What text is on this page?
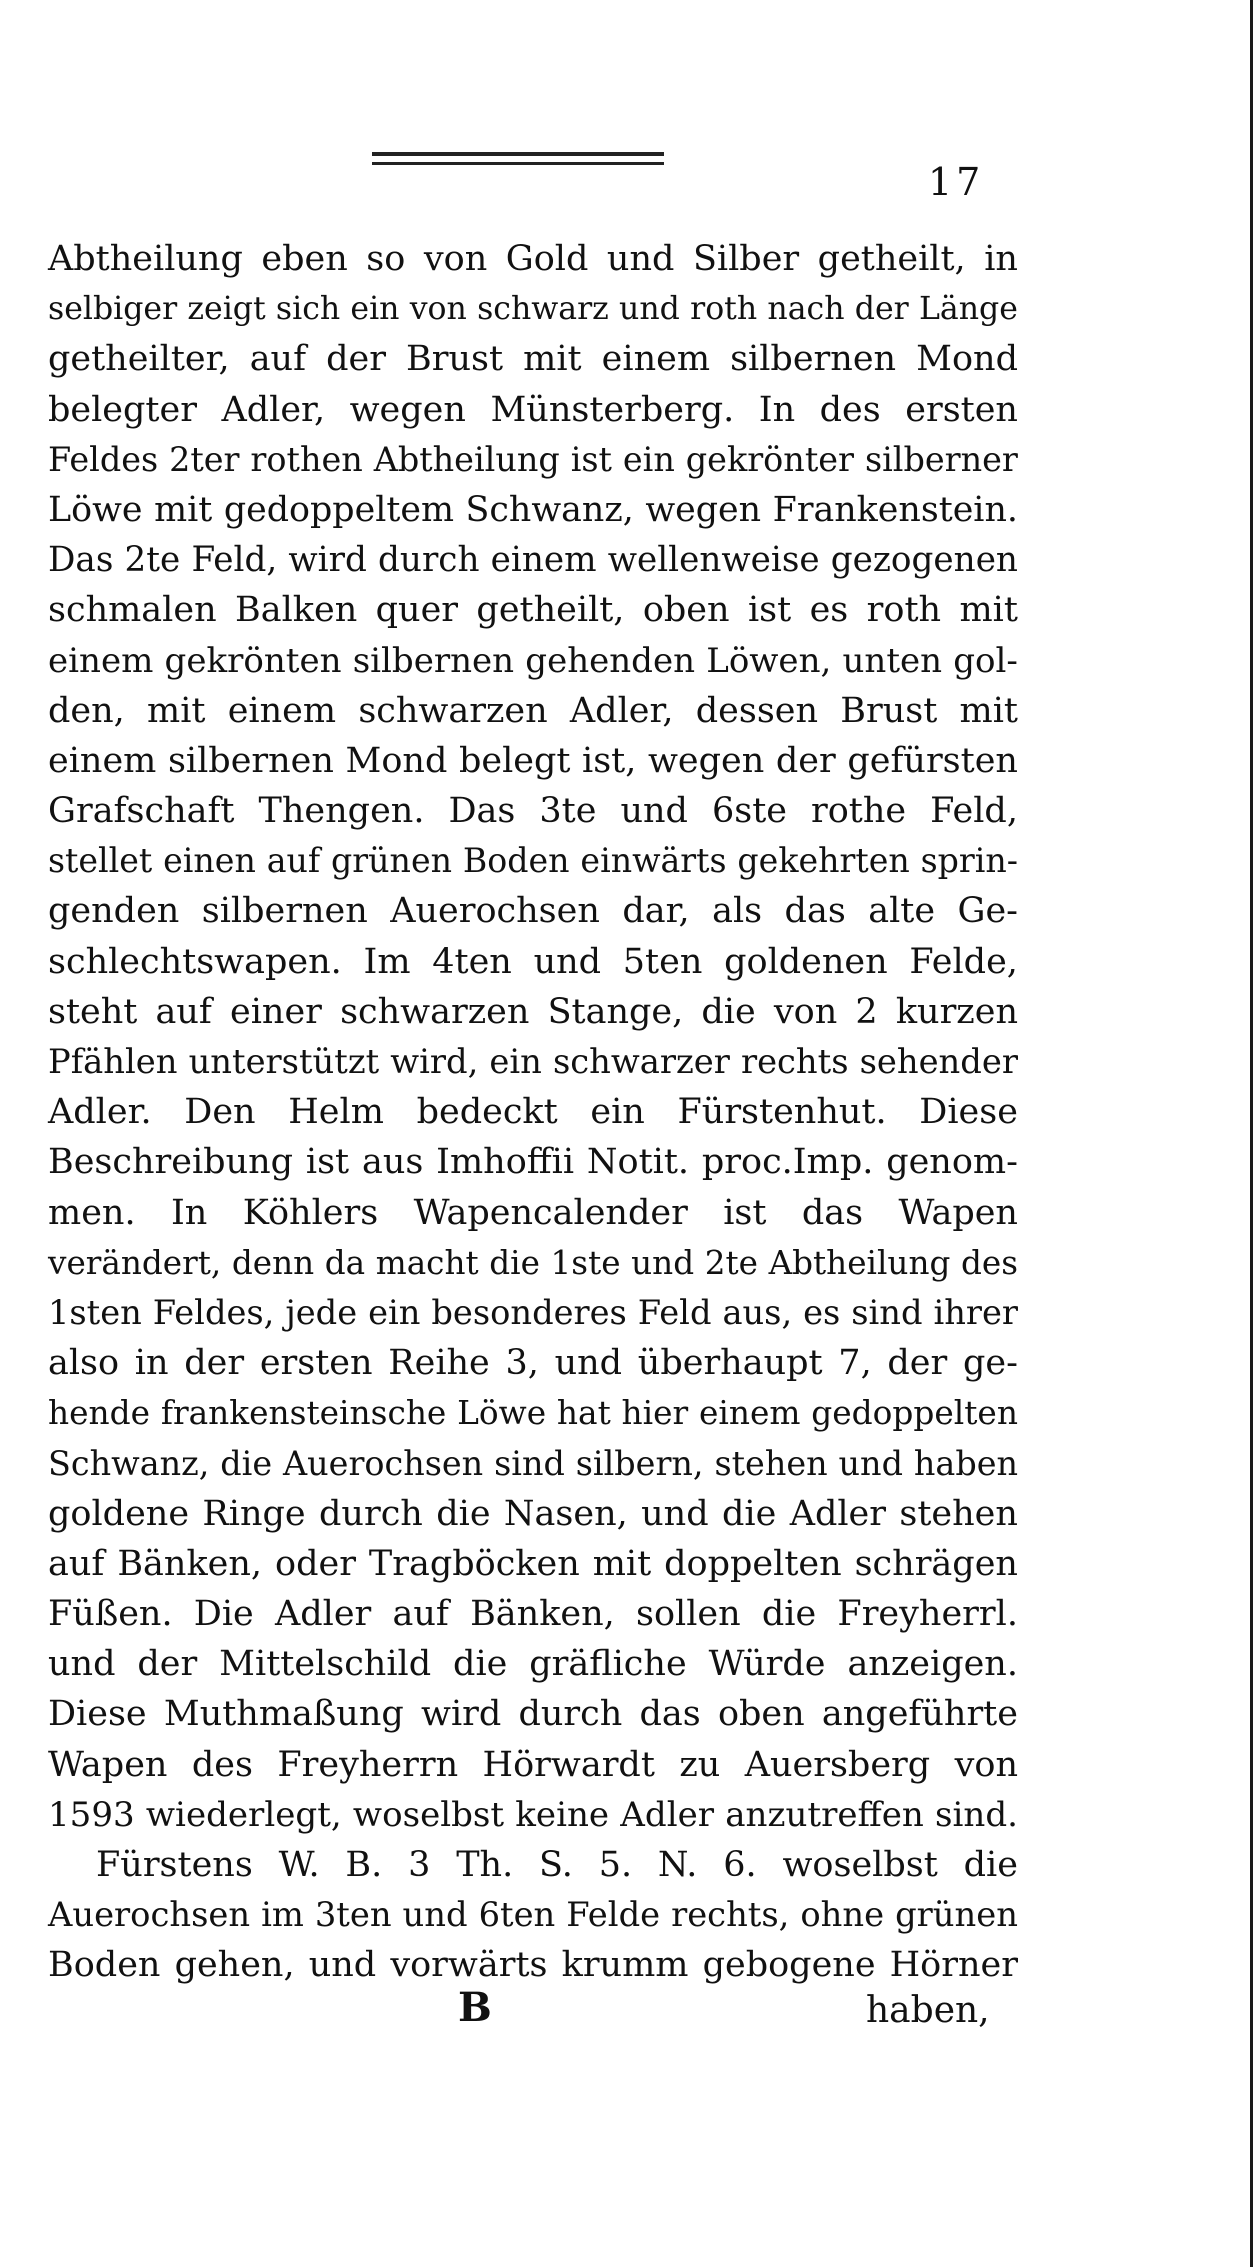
17
Abtheilung eben so von Gold und Silber getheilt, in
selbiger zeigt sich ein von schwarz und roth nach der Länge
getheilter, auf der Brust mit einem silbernen Mond
belegter Adler, wegen Münsterberg. In des ersten
Feldes 2ter rothen Abtheilung ist ein gekrönter silberner
Löwe mit gedoppeltem Schwanz, wegen Frankenstein.
Das 2te Feld, wird durch einem wellenweise gezogenen
schmalen Balken quer getheilt, oben ist es roth mit
einem gekrönten silbernen gehenden Löwen, unten gol-
den, mit einem schwarzen Adler, dessen Brust mit
einem silbernen Mond belegt ist, wegen der gefürsten
Grafschaft Thengen. Das 3te und 6ste rothe Feld,
stellet einen auf grünen Boden einwärts gekehrten sprin-
genden silbernen Auerochsen dar, als das alte Ge-
schlechtswapen. Im 4ten und 5ten goldenen Felde,
steht auf einer schwarzen Stange, die von 2 kurzen
Pfählen unterstützt wird, ein schwarzer rechts sehender
Adler. Den Helm bedeckt ein Fürstenhut. Diese
Beschreibung ist aus Imhoffii Notit. proc.Imp. genom-
men. In Köhlers Wapencalender ist das Wapen
verändert, denn da macht die 1ste und 2te Abtheilung des
1sten Feldes, jede ein besonderes Feld aus, es sind ihrer
also in der ersten Reihe 3, und überhaupt 7, der ge-
hende frankensteinsche Löwe hat hier einem gedoppelten
Schwanz, die Auerochsen sind silbern, stehen und haben
goldene Ringe durch die Nasen, und die Adler stehen
auf Bänken, oder Tragböcken mit doppelten schrägen
Füßen. Die Adler auf Bänken, sollen die Freyherrl.
und der Mittelschild die gräfliche Würde anzeigen.
Diese Muthmaßung wird durch das oben angeführte
Wapen des Freyherrn Hörwardt zu Auersberg von
1593 wiederlegt, woselbst keine Adler anzutreffen sind.
Fürstens W. B. 3 Th. S. 5. N. 6. woselbst die
Auerochsen im 3ten und 6ten Felde rechts, ohne grünen
Boden gehen, und vorwärts krumm gebogene Hörner
B	haben,
